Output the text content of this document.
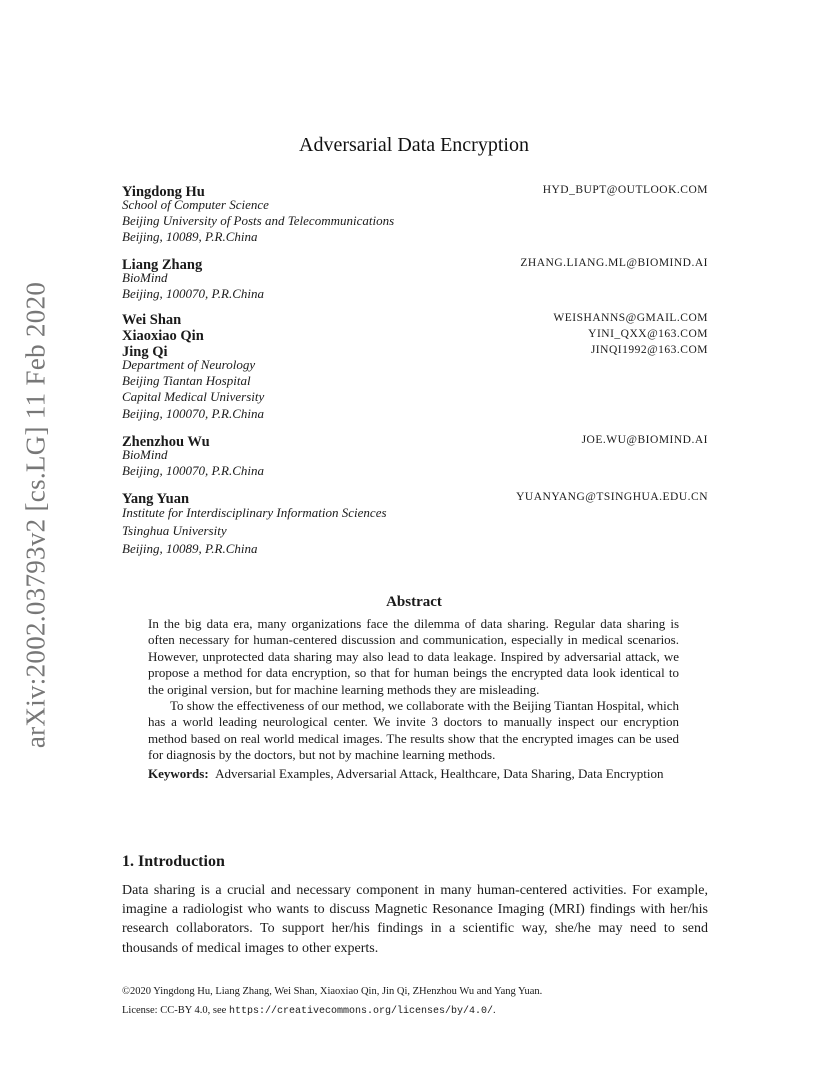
arXiv:2002.03793v2 [cs.LG] 11 Feb 2020
Adversarial Data Encryption
Yingdong Hu	HYD_BUPT@OUTLOOK.COM
School of Computer Science
Beijing University of Posts and Telecommunications
Beijing, 10089, P.R.China
Liang Zhang	ZHANG.LIANG.ML@BIOMIND.AI
BioMind
Beijing, 100070, P.R.China
Wei Shan	WEISHANNS@GMAIL.COM
Xiaoxiao Qin	YINI_QXX@163.COM
Jing Qi	JINQI1992@163.COM
Department of Neurology
Beijing Tiantan Hospital
Capital Medical University
Beijing, 100070, P.R.China
Zhenzhou Wu	JOE.WU@BIOMIND.AI
BioMind
Beijing, 100070, P.R.China
Yang Yuan	YUANYANG@TSINGHUA.EDU.CN
Institute for Interdisciplinary Information Sciences
Tsinghua University
Beijing, 10089, P.R.China
Abstract

In the big data era, many organizations face the dilemma of data sharing. Regular data sharing is often necessary for human-centered discussion and communication, especially in medical scenarios. However, unprotected data sharing may also lead to data leakage. Inspired by adversarial attack, we propose a method for data encryption, so that for human beings the encrypted data look identical to the original version, but for machine learning methods they are misleading.

To show the effectiveness of our method, we collaborate with the Beijing Tiantan Hospital, which has a world leading neurological center. We invite 3 doctors to manually inspect our encryption method based on real world medical images. The results show that the encrypted images can be used for diagnosis by the doctors, but not by machine learning methods.

Keywords: Adversarial Examples, Adversarial Attack, Healthcare, Data Sharing, Data Encryption

1. Introduction
Data sharing is a crucial and necessary component in many human-centered activities. For example, imagine a radiologist who wants to discuss Magnetic Resonance Imaging (MRI) findings with her/his research collaborators. To support her/his findings in a scientific way, she/he may need to send thousands of medical images to other experts.
©2020 Yingdong Hu, Liang Zhang, Wei Shan, Xiaoxiao Qin, Jin Qi, ZHenzhou Wu and Yang Yuan.
License: CC-BY 4.0, see https://creativecommons.org/licenses/by/4.0/.
